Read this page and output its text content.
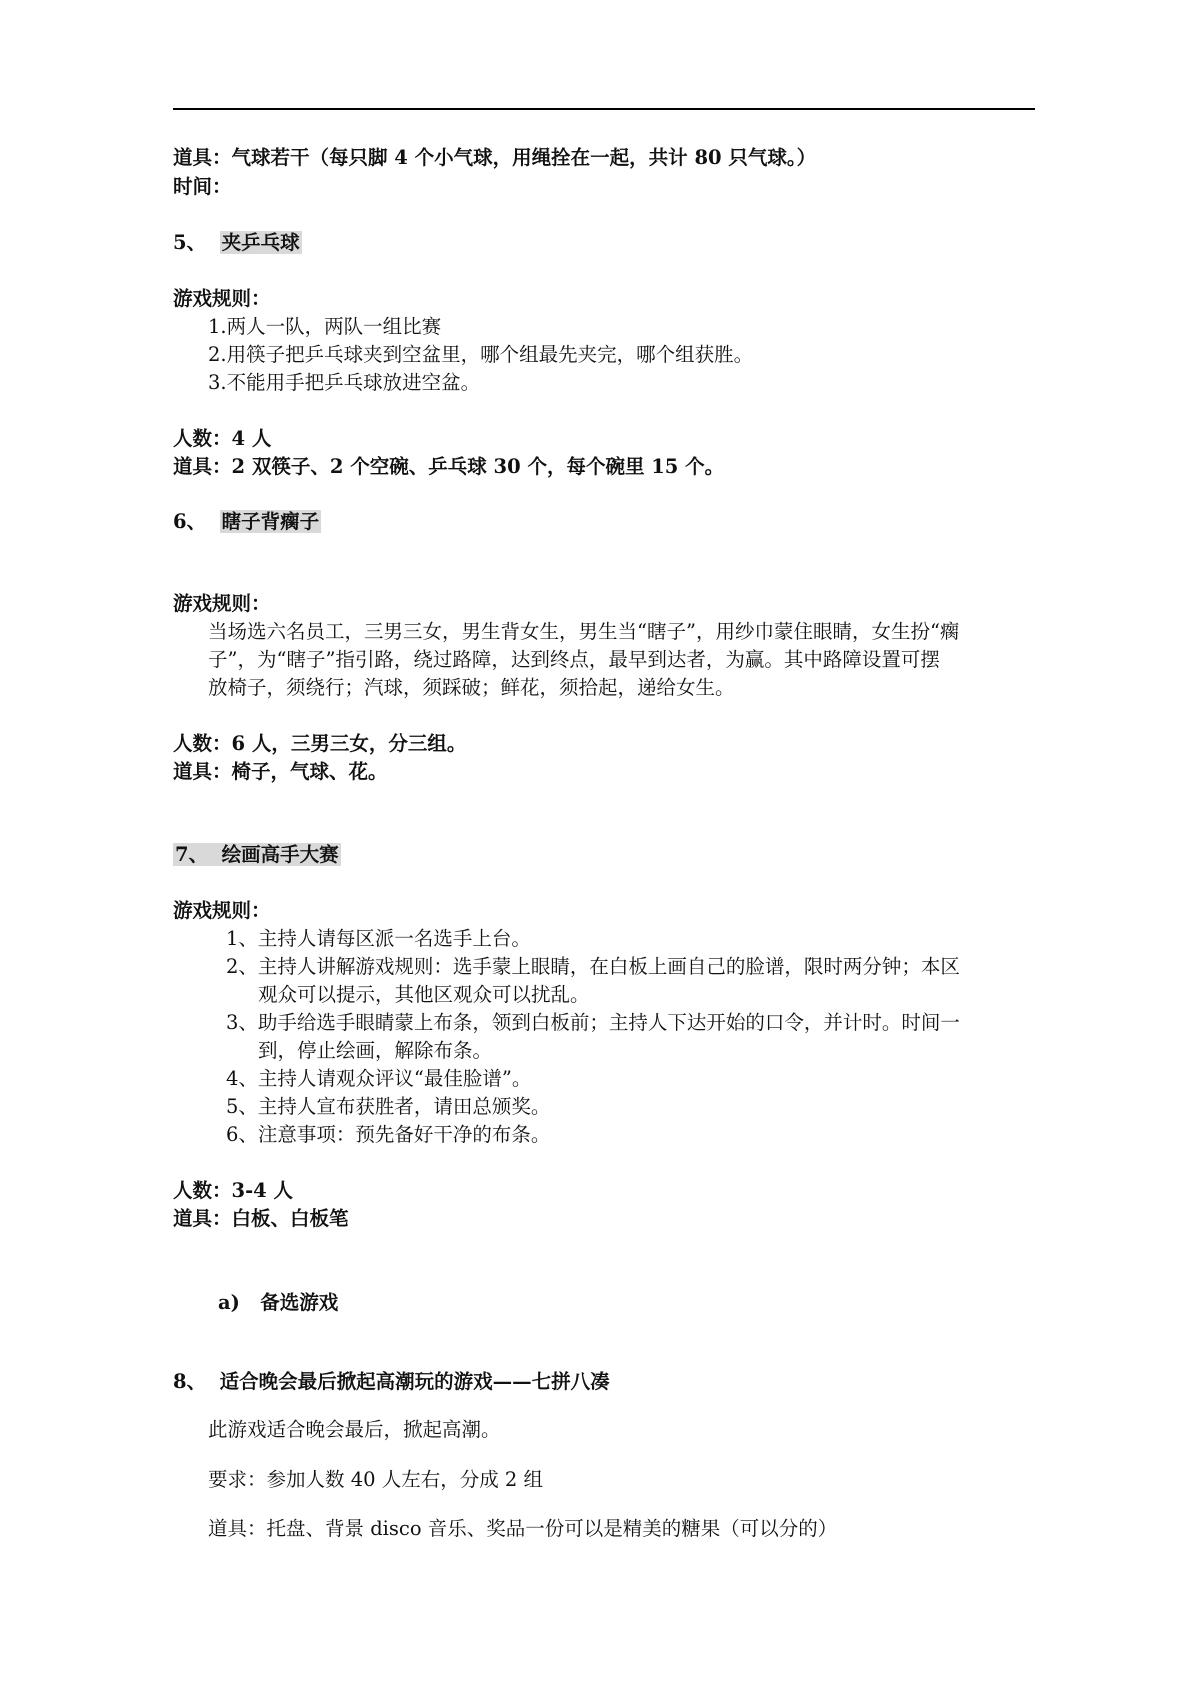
道具：气球若干（每只脚 4 个小气球，用绳拴在一起，共计 80 只气球。）
时间：
5、 夹乒乓球
游戏规则：
1.两人一队，两队一组比赛
2.用筷子把乒乓球夹到空盆里，哪个组最先夹完，哪个组获胜。
3.不能用手把乒乓球放进空盆。
人数：4 人
道具：2 双筷子、2 个空碗、乒乓球 30 个，每个碗里 15 个。
6、 瞎子背瘸子
游戏规则：
当场选六名员工，三男三女，男生背女生，男生当“瞎子”，用纱巾蒙住眼睛，女生扮“瘸
子”，为“瞎子”指引路，绕过路障，达到终点，最早到达者，为赢。其中路障设置可摆
放椅子，须绕行；汽球，须踩破；鲜花，须拾起，递给女生。
人数：6 人，三男三女，分三组。
道具：椅子，气球、花。
7、 绘画高手大赛
游戏规则：
1、主持人请每区派一名选手上台。
2、主持人讲解游戏规则：选手蒙上眼睛，在白板上画自己的脸谱，限时两分钟；本区
观众可以提示，其他区观众可以扰乱。
3、助手给选手眼睛蒙上布条，领到白板前；主持人下达开始的口令，并计时。时间一
到，停止绘画，解除布条。
4、主持人请观众评议“最佳脸谱”。
5、主持人宣布获胜者，请田总颁奖。
6、注意事项：预先备好干净的布条。
人数：3-4 人
道具：白板、白板笔
a) 备选游戏
8、 适合晚会最后掀起高潮玩的游戏——七拼八凑
此游戏适合晚会最后，掀起高潮。
要求：参加人数 40 人左右，分成 2 组
道具：托盘、背景 disco 音乐、奖品一份可以是精美的糖果（可以分的）
